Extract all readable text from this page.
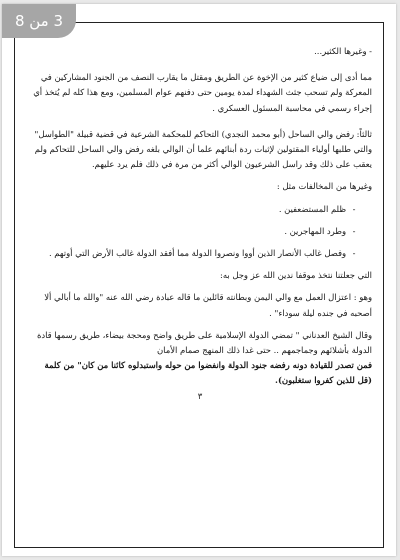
3 من 8

- وغيرها الكثير...

مما أدى إلى ضياع كثير من الإخوة عن الطريق ومقتل ما يقارب النصف من الجنود المشاركين في المعركة ولم تسحب جثث الشهداء لمدة يومين حتى دفنهم عوام المسلمين، ومع هذا كله لم يُتخذ أي إجراء رسمي في محاسبة المسئول العسكري .

ثالثاً: رفض والي الساحل (أبو محمد النجدي) التحاكم للمحكمة الشرعية في قضية قبيلة "الطواسل" والتي طلبها أولياء المقتولين لإثبات ردة أبنائهم علما أن الوالي بلغه رفض والي الساحل للتحاكم ولم يعقب على ذلك وقد راسل الشرعيون الوالي أكثر من مرة في ذلك فلم يرد عليهم.

وغيرها من المخالفات مثل :

-
ظلم المستضعفين .
-
وطرد المهاجرين .
-
وفصل غالب الأنصار الذين أووا ونصروا الدولة مما أفقد الدولة غالب الأرض التي أوتهم .

التي جعلتنا نتخذ موقفا ندين الله عز وجل به:

وهو : اعتزال العمل مع والي اليمن وبطانته قائلين ما قاله عبادة رضي الله عنه "والله ما أبالي ألا أصحبه في جنده ليلة سوداء" .

وقال الشيخ العدناني " تمضي الدولة الإسلامية على طريق واضح ومحجة بيضاء، طريق رسمها قادة الدولة بأشلائهم وجماجمهم .. حتى غدا ذلك المنهج صمام الأمان

فمن تصدر للقيادة دونه رفضه جنود الدولة وانفضوا من حوله واستبدلوه كائنا من كان" من كلمة (قل للذين كفروا ستغلبون).

٣
